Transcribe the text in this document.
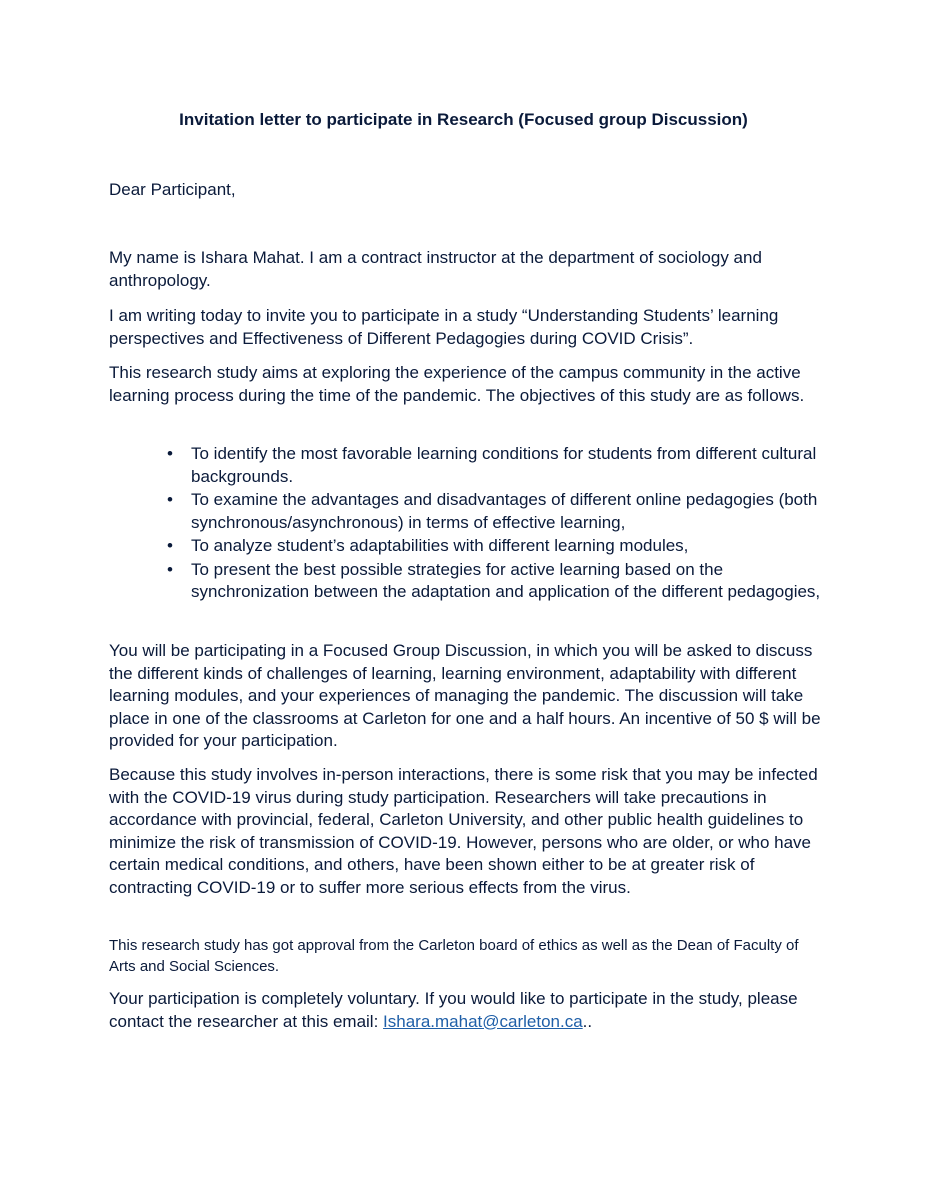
Invitation letter to participate in Research (Focused group Discussion)

Dear Participant,

My name is Ishara Mahat. I am a contract instructor at the department of sociology and anthropology.

I am writing today to invite you to participate in a study “Understanding Students’ learning perspectives and Effectiveness of Different Pedagogies during COVID Crisis”.

This research study aims at exploring the experience of the campus community in the active learning process during the time of the pandemic. The objectives of this study are as follows.

• To identify the most favorable learning conditions for students from different cultural backgrounds.
• To examine the advantages and disadvantages of different online pedagogies (both synchronous/asynchronous) in terms of effective learning,
• To analyze student’s adaptabilities with different learning modules,
• To present the best possible strategies for active learning based on the synchronization between the adaptation and application of the different pedagogies,

You will be participating in a Focused Group Discussion, in which you will be asked to discuss the different kinds of challenges of learning, learning environment, adaptability with different learning modules, and your experiences of managing the pandemic. The discussion will take place in one of the classrooms at Carleton for one and a half hours. An incentive of 50 $ will be provided for your participation.

Because this study involves in-person interactions, there is some risk that you may be infected with the COVID-19 virus during study participation. Researchers will take precautions in accordance with provincial, federal, Carleton University, and other public health guidelines to minimize the risk of transmission of COVID-19. However, persons who are older, or who have certain medical conditions, and others, have been shown either to be at greater risk of contracting COVID-19 or to suffer more serious effects from the virus.

This research study has got approval from the Carleton board of ethics as well as the Dean of Faculty of Arts and Social Sciences.

Your participation is completely voluntary. If you would like to participate in the study, please contact the researcher at this email: Ishara.mahat@carleton.ca..
